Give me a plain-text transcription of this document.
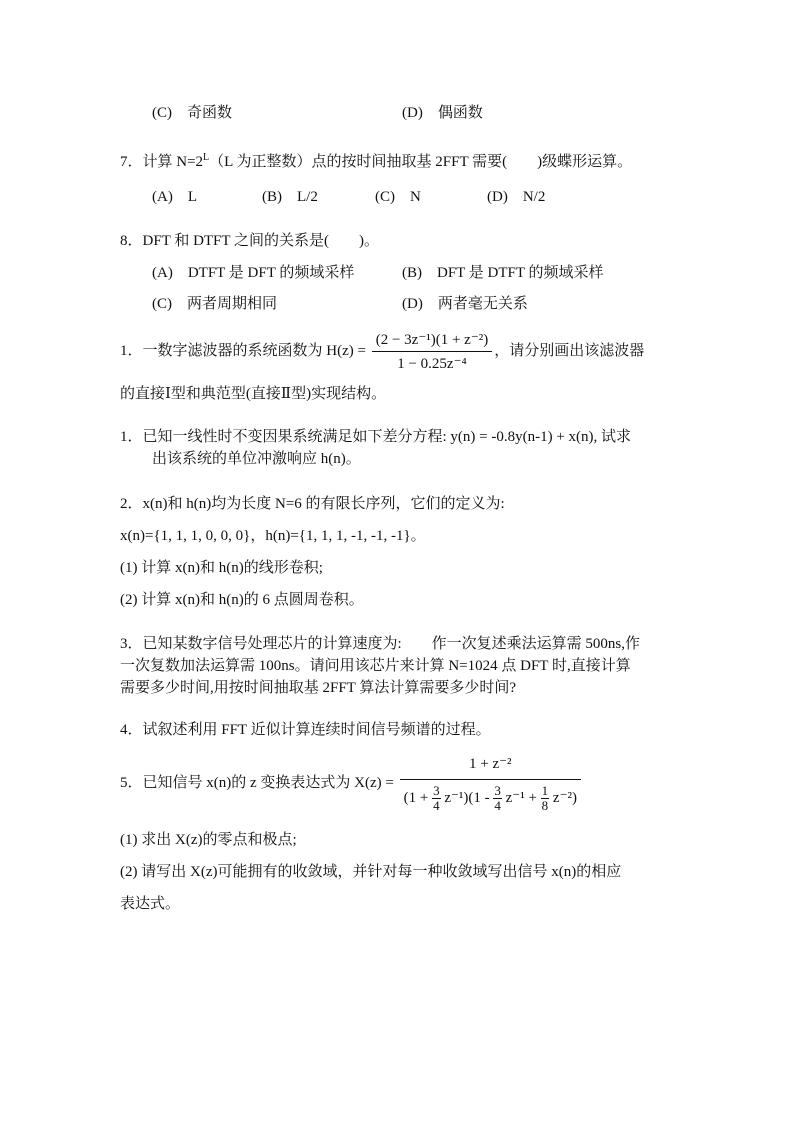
(C)　奇函数	(D)　偶函数
7．计算 $N=2^L(L$ 为正整数）点的按时间抽取基 2FFT 需要(　　)级蝶形运算。
(A)　L	(B)　L/2	(C)　N	(D)　N/2
8．DFT 和 DTFT 之间的关系是(　　)。
(A)　DTFT 是 DFT 的频域采样	(B)　DFT 是 DTFT 的频域采样
(C)　两者周期相同	(D)　两者毫无关系
1．一数字滤波器的系统函数为 $H(z) = \frac{\text{(2 − 3z⁻¹)(1 + z⁻²)}}{\text{1 − 0.25z⁻⁴}}$ ，请分别画出该滤波器
的直接Ⅰ型和典范型(直接Ⅱ型)实现结构。
1．已知一线性时不变因果系统满足如下差分方程: y(n) = -0.8y(n-1) + x(n), 试求
出该系统的单位冲激响应 h(n)。
2．x(n)和 h(n)均为长度 N=6 的有限长序列，它们的定义为:
x(n)={1, 1, 1, 0, 0, 0}，h(n)={1, 1, 1, -1, -1, -1}。
(1) 计算 x(n)和 h(n)的线形卷积;
(2) 计算 x(n)和 h(n)的 6 点圆周卷积。
3．已知某数字信号处理芯片的计算速度为:　　作一次复述乘法运算需 500ns,作
一次复数加法运算需 100ns。请问用该芯片来计算 N=1024 点 DFT 时,直接计算
需要多少时间,用按时间抽取基 2FFT 算法计算需要多少时间?
4．试叙述利用 FFT 近似计算连续时间信号频谱的过程。
5．已知信号 x(n)的 z 变换表达式为 X(z) =
1 + z⁻²
$(1 + \frac{3}{4} z^{-1})(1 - \frac{3}{4} z^{-1} + \frac{1}{8} z^{-2})$
(1) 求出 X(z)的零点和极点;
(2) 请写出 X(z)可能拥有的收敛域，并针对每一种收敛域写出信号 x(n)的相应
表达式。
